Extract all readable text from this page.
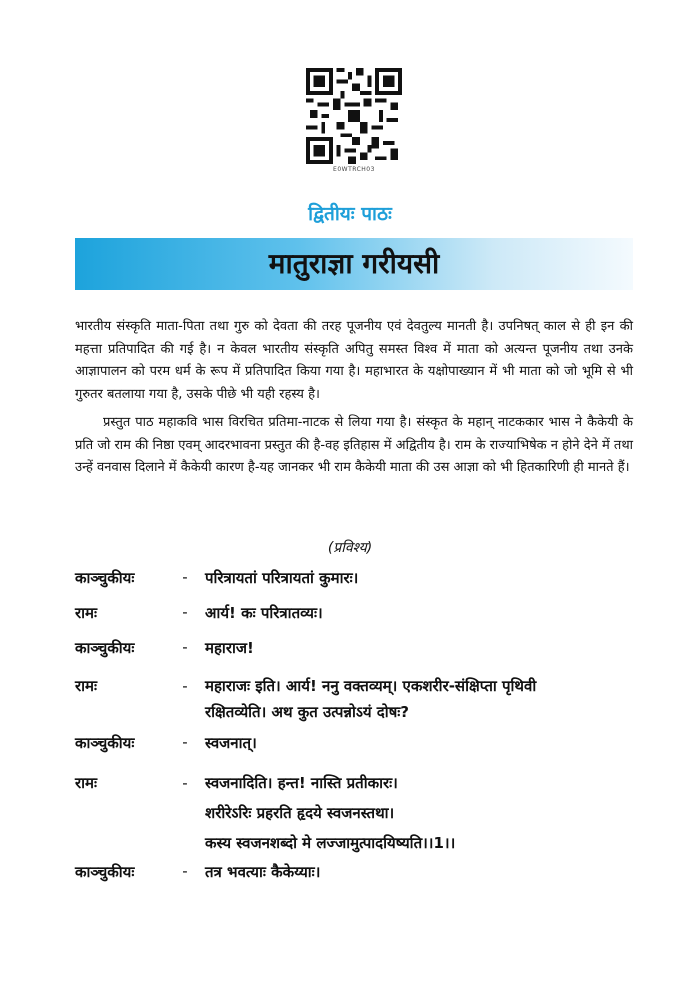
E0WTRCH03
द्वितीयः पाठः
मातुराज्ञा गरीयसी

भारतीय संस्कृति माता-पिता तथा गुरु को देवता की तरह पूजनीय एवं देवतुल्य मानती है। उपनिषत् काल से ही इन की महत्ता प्रतिपादित की गई है। न केवल भारतीय संस्कृति अपितु समस्त विश्व में माता को अत्यन्त पूजनीय तथा उनके आज्ञापालन को परम धर्म के रूप में प्रतिपादित किया गया है। महाभारत के यक्षोपाख्यान में भी माता को जो भूमि से भी गुरुतर बतलाया गया है, उसके पीछे भी यही रहस्य है।

प्रस्तुत पाठ महाकवि भास विरचित प्रतिमा-नाटक से लिया गया है। संस्कृत के महान् नाटककार भास ने कैकेयी के प्रति जो राम की निष्ठा एवम् आदरभावना प्रस्तुत की है-वह इतिहास में अद्वितीय है। राम के राज्याभिषेक न होने देने में तथा उन्हें वनवास दिलाने में कैकेयी कारण है-यह जानकर भी राम कैकेयी माता की उस आज्ञा को भी हितकारिणी ही मानते हैं।

(प्रविश्य)
काञ्चुकीयः	-	परित्रायतां परित्रायतां कुमारः।
रामः	-	आर्य! कः परित्रातव्यः।
काञ्चुकीयः	-	महाराज!
रामः	-	महाराजः इति। आर्य! ननु वक्तव्यम्। एकशरीर-संक्षिप्ता पृथिवी
रक्षितव्येति। अथ कुत उत्पन्नोऽयं दोषः?
काञ्चुकीयः	-	स्वजनात्।
रामः	-	स्वजनादिति। हन्त! नास्ति प्रतीकारः।
शरीरेऽरिः प्रहरति हृदये स्वजनस्तथा।
कस्य स्वजनशब्दो मे लज्जामुत्पादयिष्यति।।1।।
काञ्चुकीयः	-	तत्र भवत्याः कैकेय्याः।
